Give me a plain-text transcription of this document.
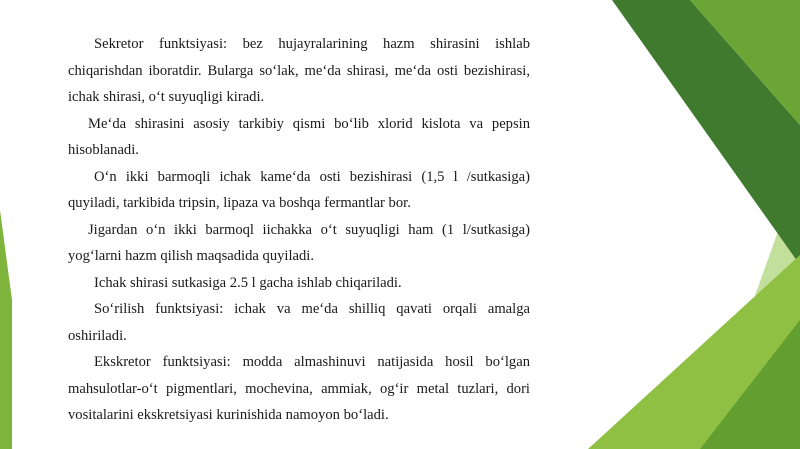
Sekretor funktsiyasi: bez hujayralarining hazm shirasini ishlab chiqarishdan iboratdir. Bularga so‘lak, me‘da shirasi, me‘da osti bezishirasi, ichak shirasi, o‘t suyuqligi kiradi.

Me‘da shirasini asosiy tarkibiy qismi bo‘lib xlorid kislota va pepsin hisoblanadi.

O‘n ikki barmoqli ichak kame‘da osti bezishirasi (1,5 l /sutkasiga) quyiladi, tarkibida tripsin, lipaza va boshqa fermantlar bor.

Jigardan o‘n ikki barmoql iichakka o‘t suyuqligi ham (1 l/sutkasiga) yog‘larni hazm qilish maqsadida quyiladi.

Ichak shirasi sutkasiga 2.5 l gacha ishlab chiqariladi.

So‘rilish funktsiyasi: ichak va me‘da shilliq qavati orqali amalga oshiriladi.

Ekskretor funktsiyasi: modda almashinuvi natijasida hosil bo‘lgan mahsulotlar-o‘t pigmentlari, mochevina, ammiak, og‘ir metal tuzlari, dori vositalarini ekskretsiyasi kurinishida namoyon bo‘ladi.
